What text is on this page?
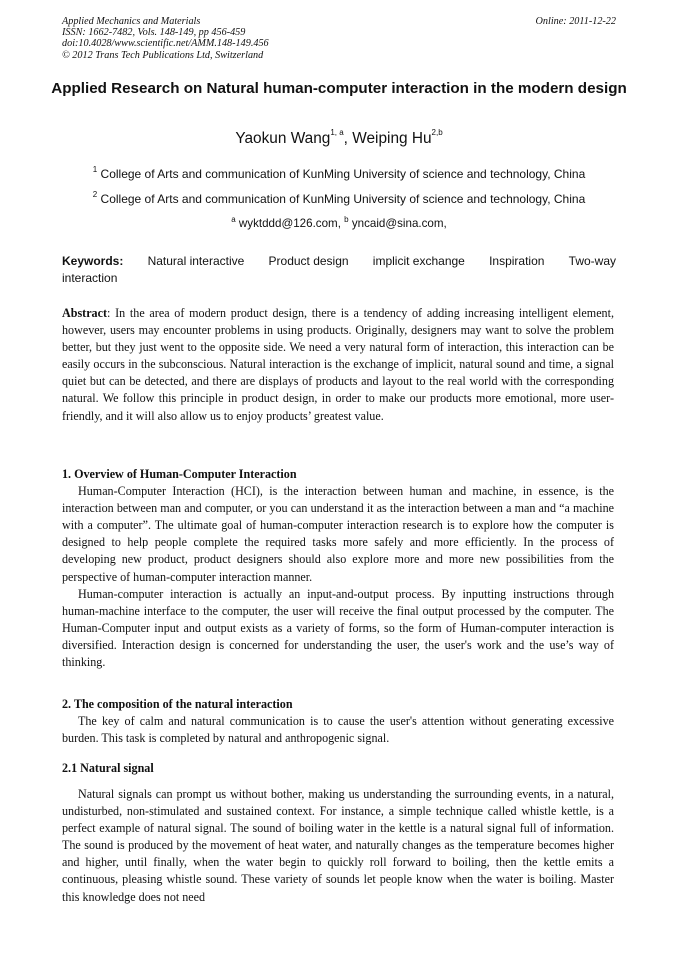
Applied Mechanics and Materials
ISSN: 1662-7482, Vols. 148-149, pp 456-459
doi:10.4028/www.scientific.net/AMM.148-149.456
© 2012 Trans Tech Publications Ltd, Switzerland
Online: 2011-12-22
Applied Research on Natural human-computer interaction in the modern design
Yaokun Wang$^{1, a}$, Weiping Hu$^{2,b}$
$^1$ College of Arts and communication of KunMing University of science and technology, China
$^2$ College of Arts and communication of KunMing University of science and technology, China
$^a$ wyktddd@126.com, $^b$ yncaid@sina.com,
Keywords: Natural interactive Product design implicit exchange Inspiration Two-way
interaction

Abstract: In the area of modern product design, there is a tendency of adding increasing intelligent element, however, users may encounter problems in using products. Originally, designers may want to solve the problem better, but they just went to the opposite side. We need a very natural form of interaction, this interaction can be easily occurs in the subconscious. Natural interaction is the exchange of implicit, natural sound and time, a signal quiet but can be detected, and there are displays of products and layout to the real world with the corresponding natural. We follow this principle in product design, in order to make our products more emotional, more user-friendly, and it will also allow us to enjoy products’ greatest value.

1. Overview of Human-Computer Interaction

Human-Computer Interaction (HCI), is the interaction between human and machine, in essence, is the interaction between man and computer, or you can understand it as the interaction between a man and “a machine with a computer”. The ultimate goal of human-computer interaction research is to explore how the computer is designed to help people complete the required tasks more safely and more efficiently. In the process of developing new product, product designers should also explore more and more new possibilities from the perspective of human-computer interaction manner.

Human-computer interaction is actually an input-and-output process. By inputting instructions through human-machine interface to the computer, the user will receive the final output processed by the computer. The Human-Computer input and output exists as a variety of forms, so the form of Human-computer interaction is diversified. Interaction design is concerned for understanding the user, the user's work and the use’s way of thinking.

2. The composition of the natural interaction

The key of calm and natural communication is to cause the user's attention without generating excessive burden. This task is completed by natural and anthropogenic signal.

2.1 Natural signal

Natural signals can prompt us without bother, making us understanding the surrounding events, in a natural, undisturbed, non-stimulated and sustained context. For instance, a simple technique called whistle kettle, is a perfect example of natural signal. The sound of boiling water in the kettle is a natural signal full of information. The sound is produced by the movement of heat water, and naturally changes as the temperature becomes higher and higher, until finally, when the water begin to quickly roll forward to boiling, then the kettle emits a continuous, pleasing whistle sound. These variety of sounds let people know when the water is boiling. Master this knowledge does not need
